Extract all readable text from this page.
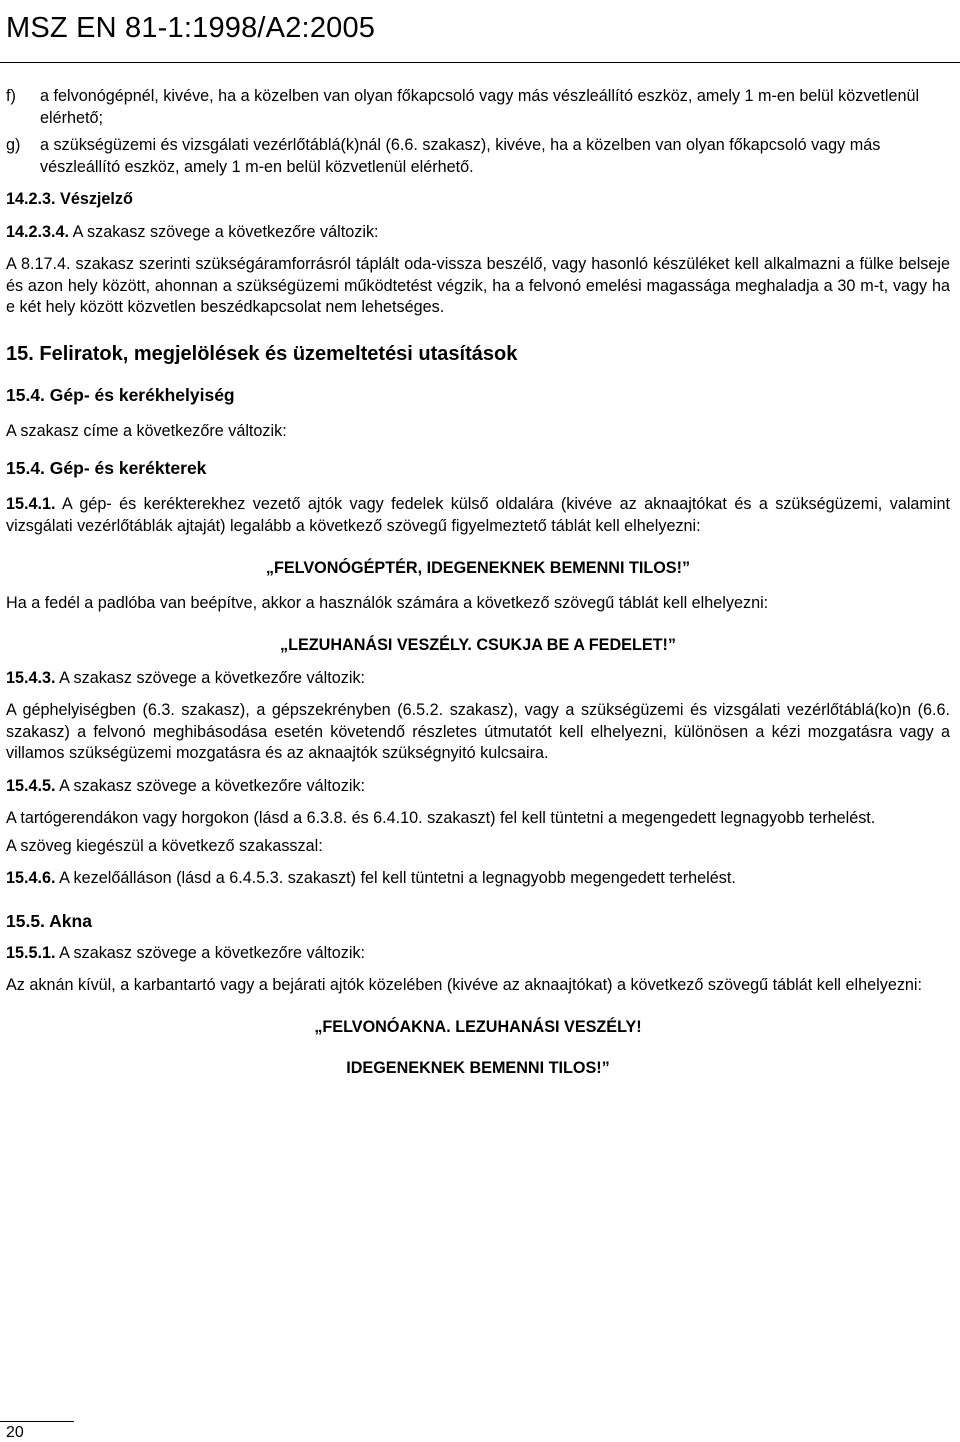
MSZ EN 81-1:1998/A2:2005
f) a felvonógépnél, kivéve, ha a közelben van olyan főkapcsoló vagy más vészleállító eszköz, amely 1 m-en belül közvetlenül elérhető;

g) a szükségüzemi és vizsgálati vezérlőtáblá(k)nál (6.6. szakasz), kivéve, ha a közelben van olyan főkapcsoló vagy más vészleállító eszköz, amely 1 m-en belül közvetlenül elérhető.

14.2.3. Vészjelző

14.2.3.4. A szakasz szövege a következőre változik:

A 8.17.4. szakasz szerinti szükségáramforrásról táplált oda-vissza beszélő, vagy hasonló készüléket kell alkalmazni a fülke belseje és azon hely között, ahonnan a szükségüzemi működtetést végzik, ha a felvonó emelési magassága meghaladja a 30 m-t, vagy ha e két hely között közvetlen beszédkapcsolat nem lehetséges.

15. Feliratok, megjelölések és üzemeltetési utasítások

15.4. Gép- és kerékhelyiség

A szakasz címe a következőre változik:

15.4. Gép- és kerékterek

15.4.1. A gép- és kerékterekhez vezető ajtók vagy fedelek külső oldalára (kivéve az aknaajtókat és a szükségüzemi, valamint vizsgálati vezérlőtáblák ajtaját) legalább a következő szövegű figyelmeztető táblát kell elhelyezni:

„FELVONÓGÉPTÉR, IDEGENEKNEK BEMENNI TILOS!”

Ha a fedél a padlóba van beépítve, akkor a használók számára a következő szövegű táblát kell elhelyezni:

„LEZUHANÁSI VESZÉLY. CSUKJA BE A FEDELET!”

15.4.3. A szakasz szövege a következőre változik:

A géphelyiségben (6.3. szakasz), a gépszekrényben (6.5.2. szakasz), vagy a szükségüzemi és vizsgálati vezérlőtáblá(ko)n (6.6. szakasz) a felvonó meghibásodása esetén követendő részletes útmutatót kell elhelyezni, különösen a kézi mozgatásra vagy a villamos szükségüzemi mozgatásra és az aknaajtók szükségnyitó kulcsaira.

15.4.5. A szakasz szövege a következőre változik:

A tartógerendákon vagy horgokon (lásd a 6.3.8. és 6.4.10. szakaszt) fel kell tüntetni a megengedett legnagyobb terhelést.

A szöveg kiegészül a következő szakasszal:

15.4.6. A kezelőálláson (lásd a 6.4.5.3. szakaszt) fel kell tüntetni a legnagyobb megengedett terhelést.

15.5. Akna

15.5.1. A szakasz szövege a következőre változik:

Az aknán kívül, a karbantartó vagy a bejárati ajtók közelében (kivéve az aknaajtókat) a következő szövegű táblát kell elhelyezni:

„FELVONÓAKNA. LEZUHANÁSI VESZÉLY!

IDEGENEKNEK BEMENNI TILOS!”

20
